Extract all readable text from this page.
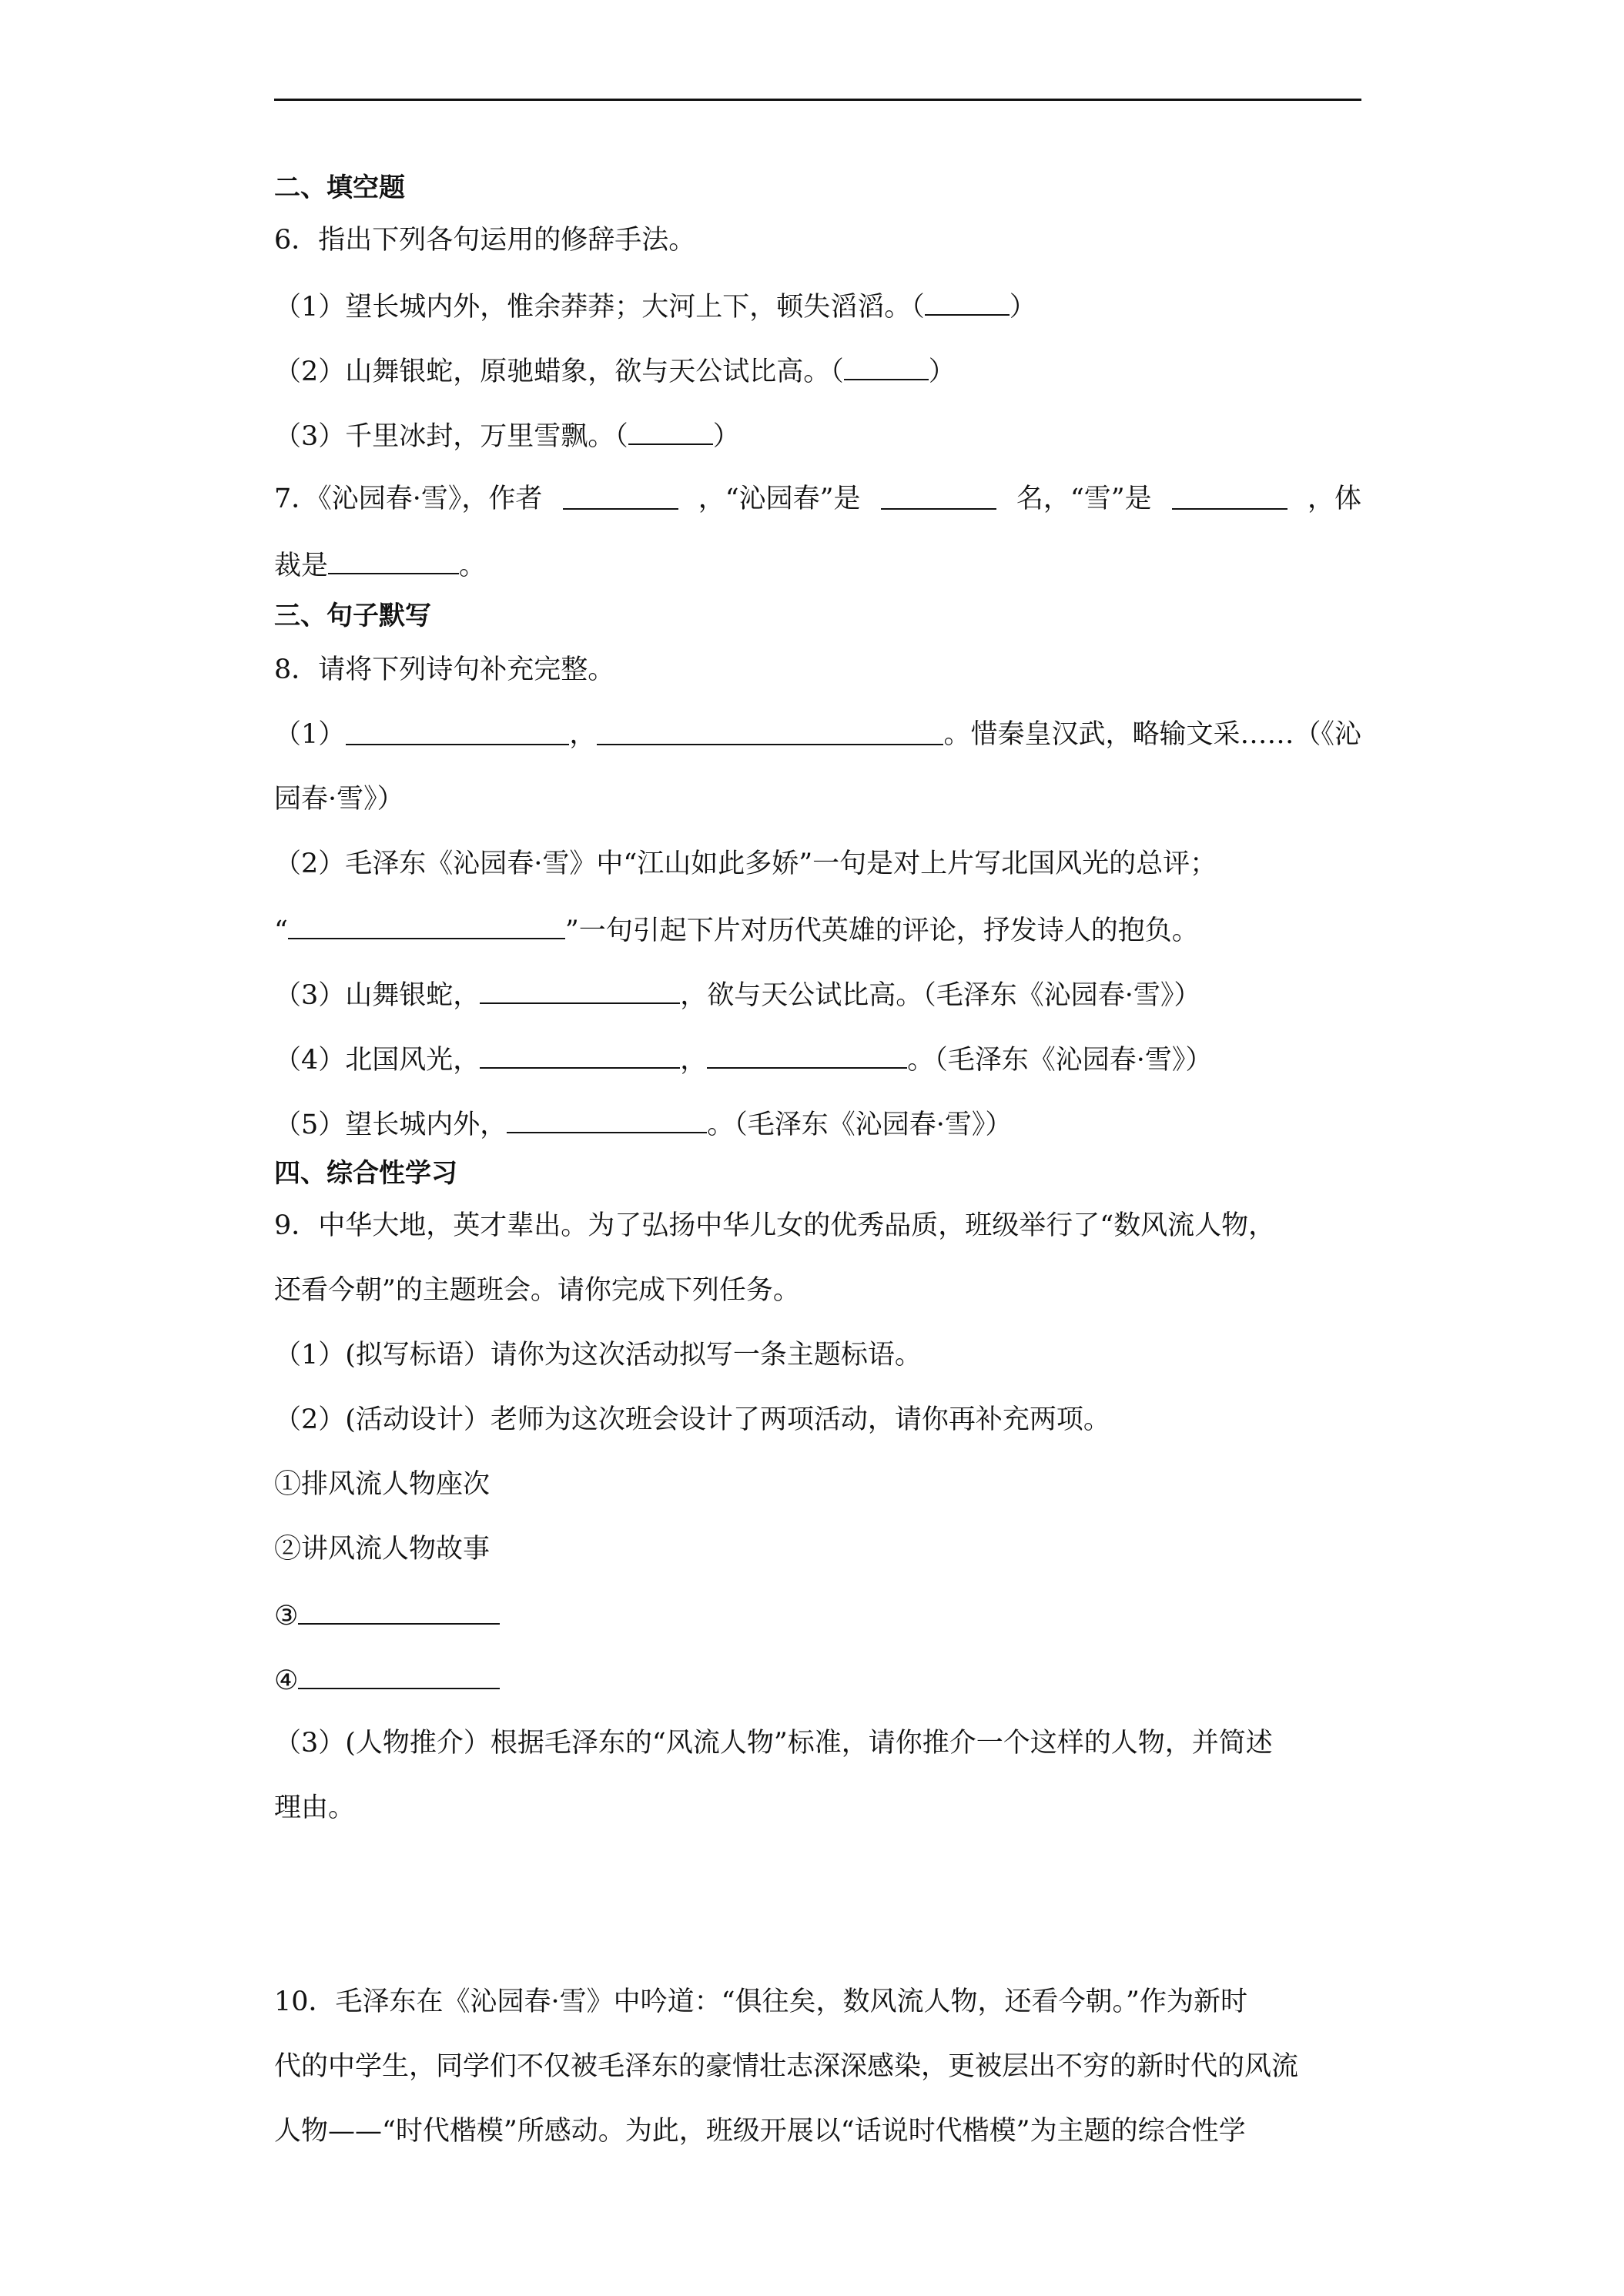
二、填空题
6．指出下列各句运用的修辞手法。
（1）望长城内外，惟余莽莽；大河上下，顿失滔滔。（	）
（2）山舞银蛇，原驰蜡象，欲与天公试比高。（	）
（3）千里冰封，万里雪飘。（	）
7．《沁园春·雪》，作者	，“沁园春”是	名，“雪”是	，体
裁是	。
三、句子默写
8．请将下列诗句补充完整。
（1）	，	。惜秦皇汉武，略输文采……（《沁
园春·雪》）
（2）毛泽东《沁园春·雪》中“江山如此多娇”一句是对上片写北国风光的总评；
“	”一句引起下片对历代英雄的评论，抒发诗人的抱负。
（3）山舞银蛇，	，欲与天公试比高。（毛泽东《沁园春·雪》）
（4）北国风光，	，	。（毛泽东《沁园春·雪》）
（5）望长城内外，	。（毛泽东《沁园春·雪》）
四、综合性学习
9．中华大地，英才辈出。为了弘扬中华儿女的优秀品质，班级举行了“数风流人物，
还看今朝”的主题班会。请你完成下列任务。
（1）(拟写标语）请你为这次活动拟写一条主题标语。
（2）(活动设计）老师为这次班会设计了两项活动，请你再补充两项。
①排风流人物座次
②讲风流人物故事
③
④
（3）(人物推介）根据毛泽东的“风流人物”标准，请你推介一个这样的人物，并简述
理由。
10．毛泽东在《沁园春·雪》中吟道：“俱往矣，数风流人物，还看今朝。”作为新时
代的中学生，同学们不仅被毛泽东的豪情壮志深深感染，更被层出不穷的新时代的风流
人物——“时代楷模”所感动。为此，班级开展以“话说时代楷模”为主题的综合性学
